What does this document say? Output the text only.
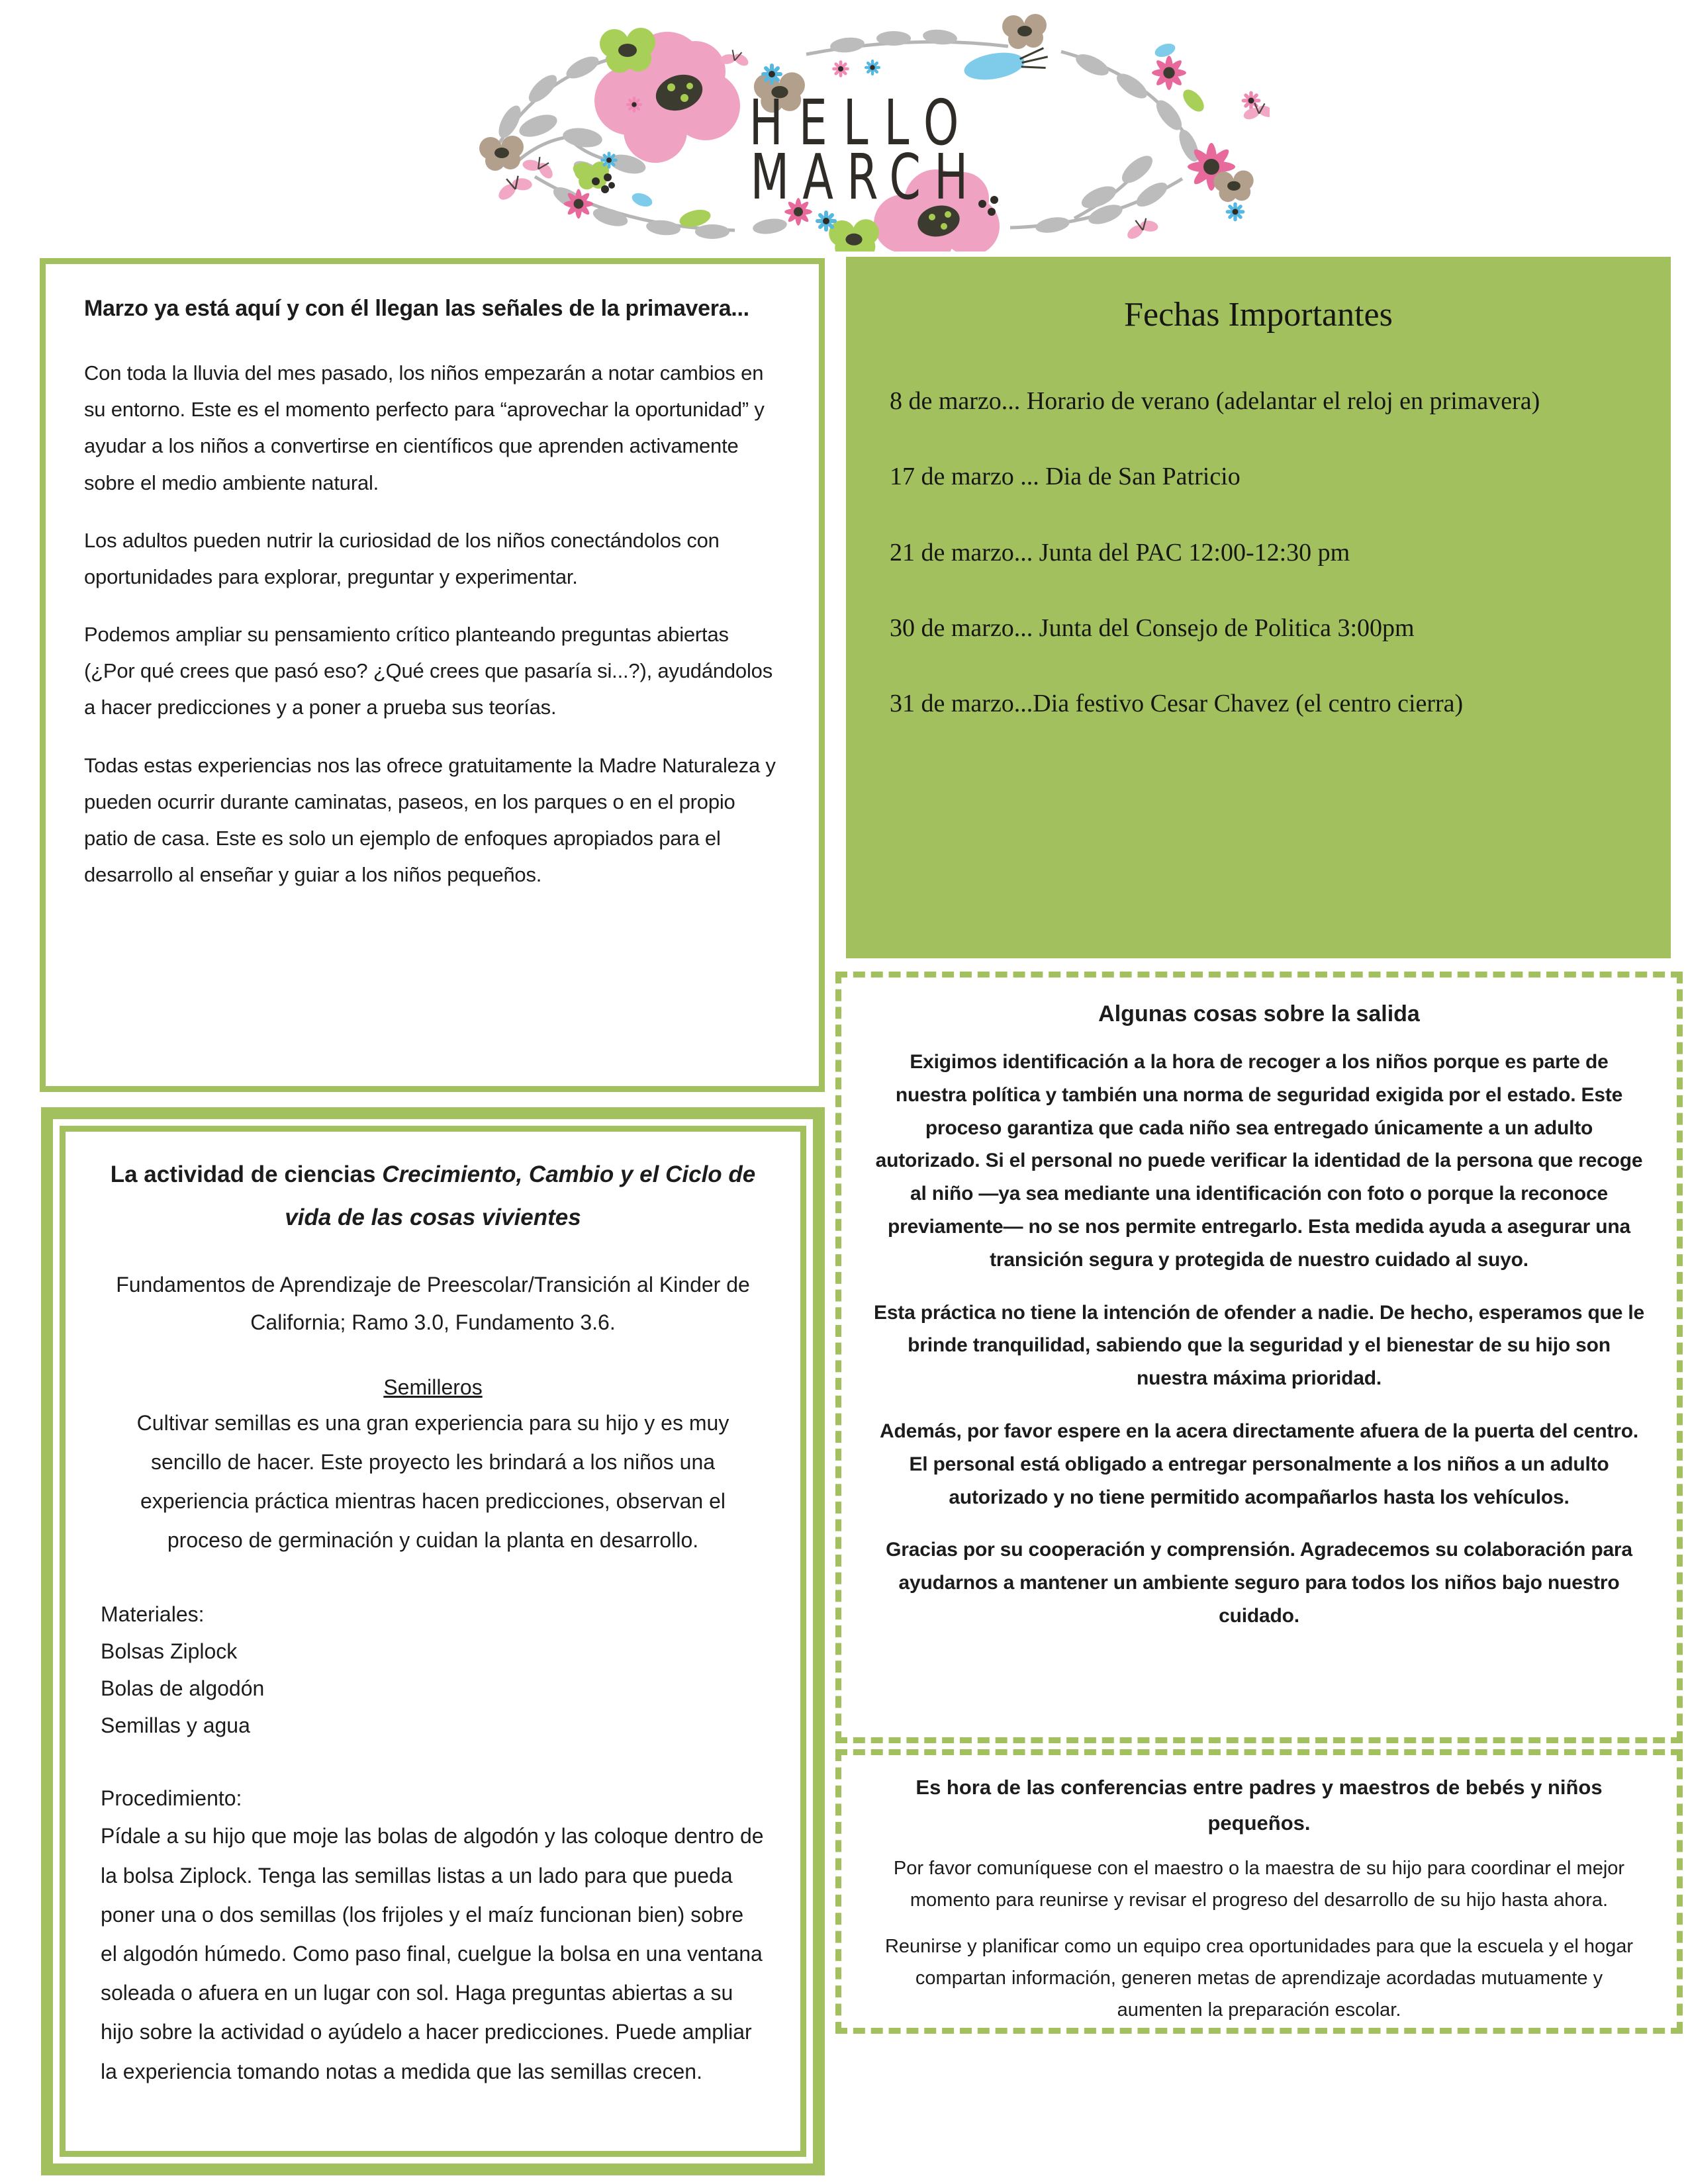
HELLO
MARCH
Marzo ya está aquí y con él llegan las señales de la primavera...

Con toda la lluvia del mes pasado, los niños empezarán a notar cambios en su entorno. Este es el momento perfecto para “aprovechar la oportunidad” y ayudar a los niños a convertirse en científicos que aprenden activamente sobre el medio ambiente natural.

Los adultos pueden nutrir la curiosidad de los niños conectándolos con oportunidades para explorar, preguntar y experimentar.

Podemos ampliar su pensamiento crítico planteando preguntas abiertas (¿Por qué crees que pasó eso? ¿Qué crees que pasaría si...?), ayudándolos a hacer predicciones y a poner a prueba sus teorías.

Todas estas experiencias nos las ofrece gratuitamente la Madre Naturaleza y pueden ocurrir durante caminatas, paseos, en los parques o en el propio patio de casa. Este es solo un ejemplo de enfoques apropiados para el desarrollo al enseñar y guiar a los niños pequeños.

La actividad de ciencias Crecimiento, Cambio y el Ciclo de vida de las cosas vivientes
Fundamentos de Aprendizaje de Preescolar/Transición al Kinder de California; Ramo 3.0, Fundamento 3.6.
Semilleros
Cultivar semillas es una gran experiencia para su hijo y es muy sencillo de hacer. Este proyecto les brindará a los niños una experiencia práctica mientras hacen predicciones, observan el proceso de germinación y cuidan la planta en desarrollo.
Materiales:
Bolsas Ziplock
Bolas de algodón
Semillas y agua
Procedimiento:
Pídale a su hijo que moje las bolas de algodón y las coloque dentro de la bolsa Ziplock. Tenga las semillas listas a un lado para que pueda poner una o dos semillas (los frijoles y el maíz funcionan bien) sobre el algodón húmedo. Como paso final, cuelgue la bolsa en una ventana soleada o afuera en un lugar con sol. Haga preguntas abiertas a su hijo sobre la actividad o ayúdelo a hacer predicciones. Puede ampliar la experiencia tomando notas a medida que las semillas crecen.
Fechas Importantes

8 de marzo... Horario de verano (adelantar el reloj en primavera)

17 de marzo ... Dia de San Patricio

21 de marzo... Junta del PAC 12:00-12:30 pm

30 de marzo... Junta del Consejo de Politica 3:00pm

31 de marzo...Dia festivo Cesar Chavez (el centro cierra)

Algunas cosas sobre la salida

Exigimos identificación a la hora de recoger a los niños porque es parte de nuestra política y también una norma de seguridad exigida por el estado. Este proceso garantiza que cada niño sea entregado únicamente a un adulto autorizado. Si el personal no puede verificar la identidad de la persona que recoge al niño —ya sea mediante una identificación con foto o porque la reconoce previamente— no se nos permite entregarlo. Esta medida ayuda a asegurar una transición segura y protegida de nuestro cuidado al suyo.

Esta práctica no tiene la intención de ofender a nadie. De hecho, esperamos que le brinde tranquilidad, sabiendo que la seguridad y el bienestar de su hijo son nuestra máxima prioridad.

Además, por favor espere en la acera directamente afuera de la puerta del centro. El personal está obligado a entregar personalmente a los niños a un adulto autorizado y no tiene permitido acompañarlos hasta los vehículos.

Gracias por su cooperación y comprensión. Agradecemos su colaboración para ayudarnos a mantener un ambiente seguro para todos los niños bajo nuestro cuidado.

Es hora de las conferencias entre padres y maestros de bebés y niños pequeños.

Por favor comuníquese con el maestro o la maestra de su hijo para coordinar el mejor momento para reunirse y revisar el progreso del desarrollo de su hijo hasta ahora.

Reunirse y planificar como un equipo crea oportunidades para que la escuela y el hogar compartan información, generen metas de aprendizaje acordadas mutuamente y aumenten la preparación escolar.
